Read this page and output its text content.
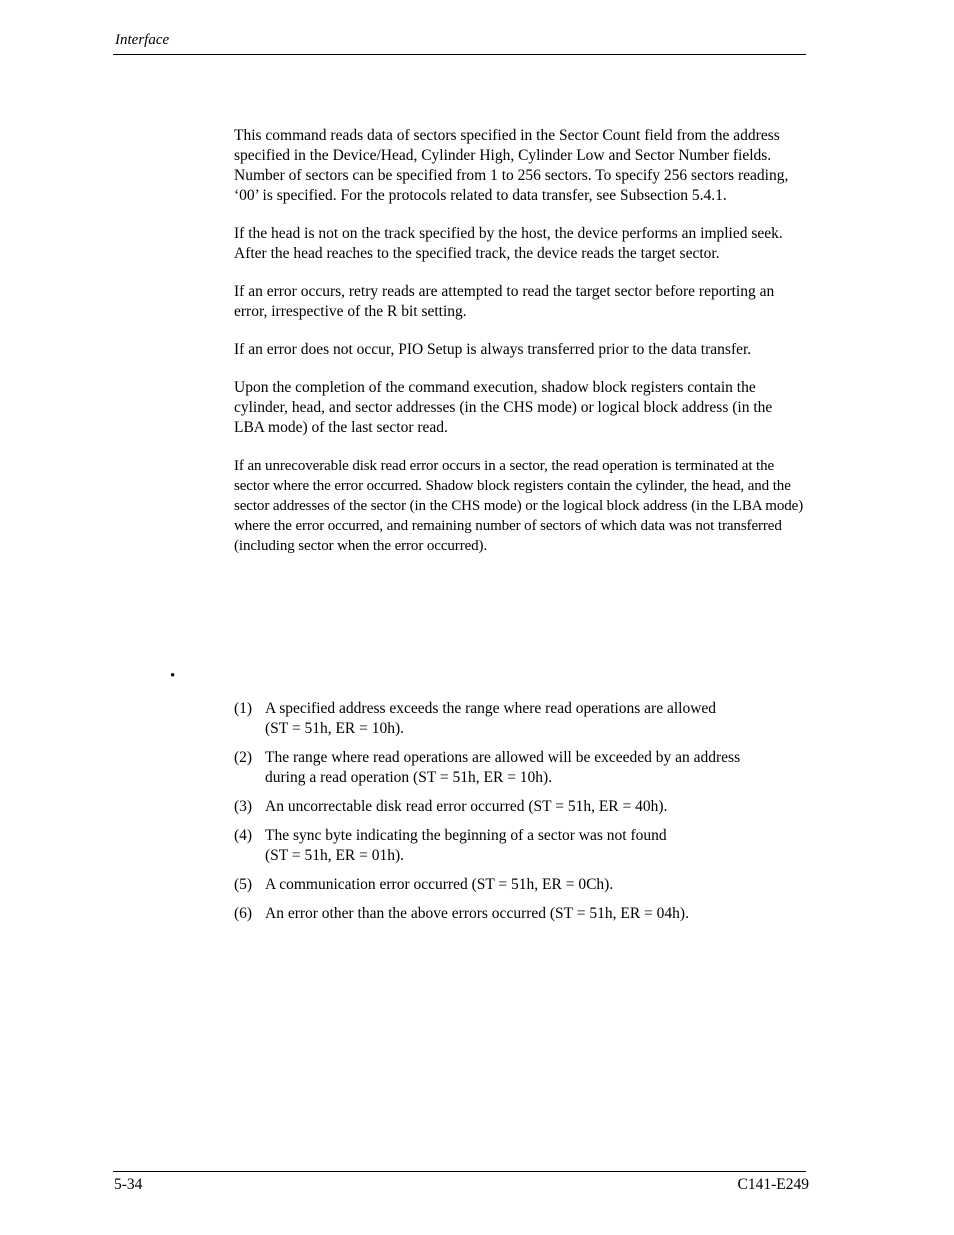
Interface

This command reads data of sectors specified in the Sector Count field from the address specified in the Device/Head, Cylinder High, Cylinder Low and Sector Number fields. Number of sectors can be specified from 1 to 256 sectors. To specify 256 sectors reading, ‘00’ is specified. For the protocols related to data transfer, see Subsection 5.4.1.

If the head is not on the track specified by the host, the device performs an implied seek. After the head reaches to the specified track, the device reads the target sector.

If an error occurs, retry reads are attempted to read the target sector before reporting an error, irrespective of the R bit setting.

If an error does not occur, PIO Setup is always transferred prior to the data transfer.

Upon the completion of the command execution, shadow block registers contain the cylinder, head, and sector addresses (in the CHS mode) or logical block address (in the LBA mode) of the last sector read.

If an unrecoverable disk read error occurs in a sector, the read operation is terminated at the sector where the error occurred. Shadow block registers contain the cylinder, the head, and the sector addresses of the sector (in the CHS mode) or the logical block address (in the LBA mode) where the error occurred, and remaining number of sectors of which data was not transferred (including sector when the error occurred).

•
(1) A specified address exceeds the range where read operations are allowed
(ST = 51h, ER = 10h).
(2) The range where read operations are allowed will be exceeded by an address
during a read operation (ST = 51h, ER = 10h).
(3) An uncorrectable disk read error occurred (ST = 51h, ER = 40h).
(4) The sync byte indicating the beginning of a sector was not found
(ST = 51h, ER = 01h).
(5) A communication error occurred (ST = 51h, ER = 0Ch).
(6) An error other than the above errors occurred (ST = 51h, ER = 04h).
5-34	C141-E249
